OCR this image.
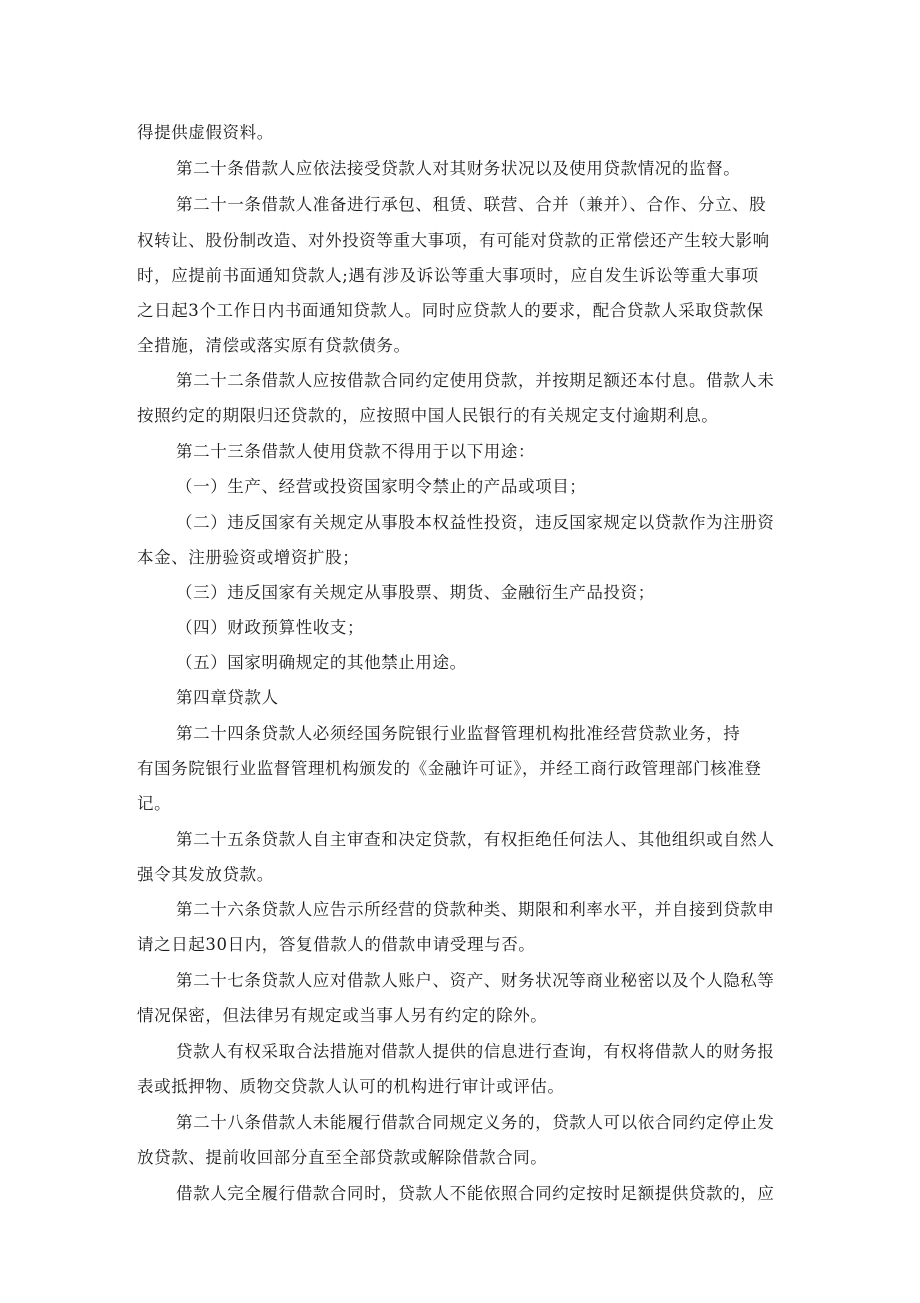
得提供虚假资料。
第二十条借款人应依法接受贷款人对其财务状况以及使用贷款情况的监督。
第二十一条借款人准备进行承包、租赁、联营、合并（兼并）、合作、分立、股
权转让、股份制改造、对外投资等重大事项，有可能对贷款的正常偿还产生较大影响
时，应提前书面通知贷款人;遇有涉及诉讼等重大事项时，应自发生诉讼等重大事项
之日起3个工作日内书面通知贷款人。同时应贷款人的要求，配合贷款人采取贷款保
全措施，清偿或落实原有贷款债务。
第二十二条借款人应按借款合同约定使用贷款，并按期足额还本付息。借款人未
按照约定的期限归还贷款的，应按照中国人民银行的有关规定支付逾期利息。
第二十三条借款人使用贷款不得用于以下用途：
（一）生产、经营或投资国家明令禁止的产品或项目；
（二）违反国家有关规定从事股本权益性投资，违反国家规定以贷款作为注册资
本金、注册验资或增资扩股；
（三）违反国家有关规定从事股票、期货、金融衍生产品投资；
（四）财政预算性收支；
（五）国家明确规定的其他禁止用途。
第四章贷款人
第二十四条贷款人必须经国务院银行业监督管理机构批准经营贷款业务，持
有国务院银行业监督管理机构颁发的《金融许可证》，并经工商行政管理部门核准登
记。
第二十五条贷款人自主审查和决定贷款，有权拒绝任何法人、其他组织或自然人
强令其发放贷款。
第二十六条贷款人应告示所经营的贷款种类、期限和利率水平，并自接到贷款申
请之日起30日内，答复借款人的借款申请受理与否。
第二十七条贷款人应对借款人账户、资产、财务状况等商业秘密以及个人隐私等
情况保密，但法律另有规定或当事人另有约定的除外。
贷款人有权采取合法措施对借款人提供的信息进行查询，有权将借款人的财务报
表或抵押物、质物交贷款人认可的机构进行审计或评估。
第二十八条借款人未能履行借款合同规定义务的，贷款人可以依合同约定停止发
放贷款、提前收回部分直至全部贷款或解除借款合同。
借款人完全履行借款合同时，贷款人不能依照合同约定按时足额提供贷款的，应
